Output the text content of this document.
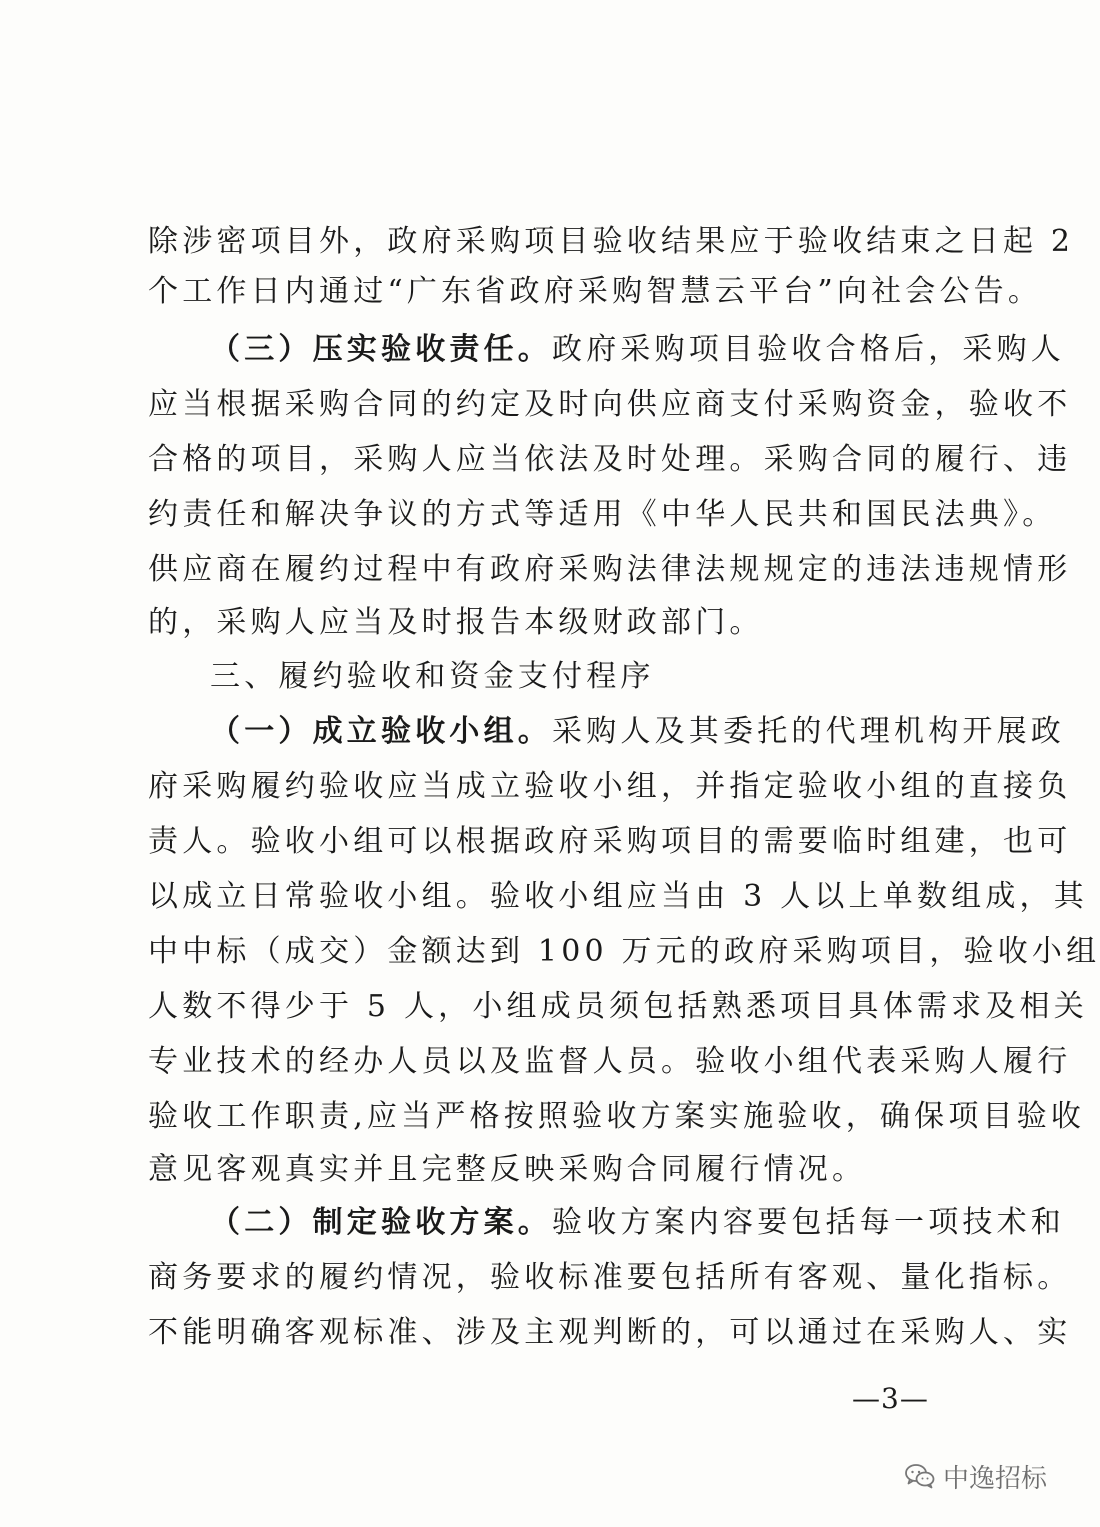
除涉密项目外，政府采购项目验收结果应于验收结束之日起 2
个工作日内通过“广东省政府采购智慧云平台”向社会公告。
（三）压实验收责任。政府采购项目验收合格后，采购人
应当根据采购合同的约定及时向供应商支付采购资金，验收不
合格的项目，采购人应当依法及时处理。采购合同的履行、违
约责任和解决争议的方式等适用《中华人民共和国民法典》。
供应商在履约过程中有政府采购法律法规规定的违法违规情形
的，采购人应当及时报告本级财政部门。
三、履约验收和资金支付程序
（一）成立验收小组。采购人及其委托的代理机构开展政
府采购履约验收应当成立验收小组，并指定验收小组的直接负
责人。验收小组可以根据政府采购项目的需要临时组建，也可
以成立日常验收小组。验收小组应当由 3 人以上单数组成，其
中中标（成交）金额达到 100 万元的政府采购项目，验收小组
人数不得少于 5 人，小组成员须包括熟悉项目具体需求及相关
专业技术的经办人员以及监督人员。验收小组代表采购人履行
验收工作职责,应当严格按照验收方案实施验收，确保项目验收
意见客观真实并且完整反映采购合同履行情况。
（二）制定验收方案。验收方案内容要包括每一项技术和
商务要求的履约情况，验收标准要包括所有客观、量化指标。
不能明确客观标准、涉及主观判断的，可以通过在采购人、实
—3—
中逸招标
